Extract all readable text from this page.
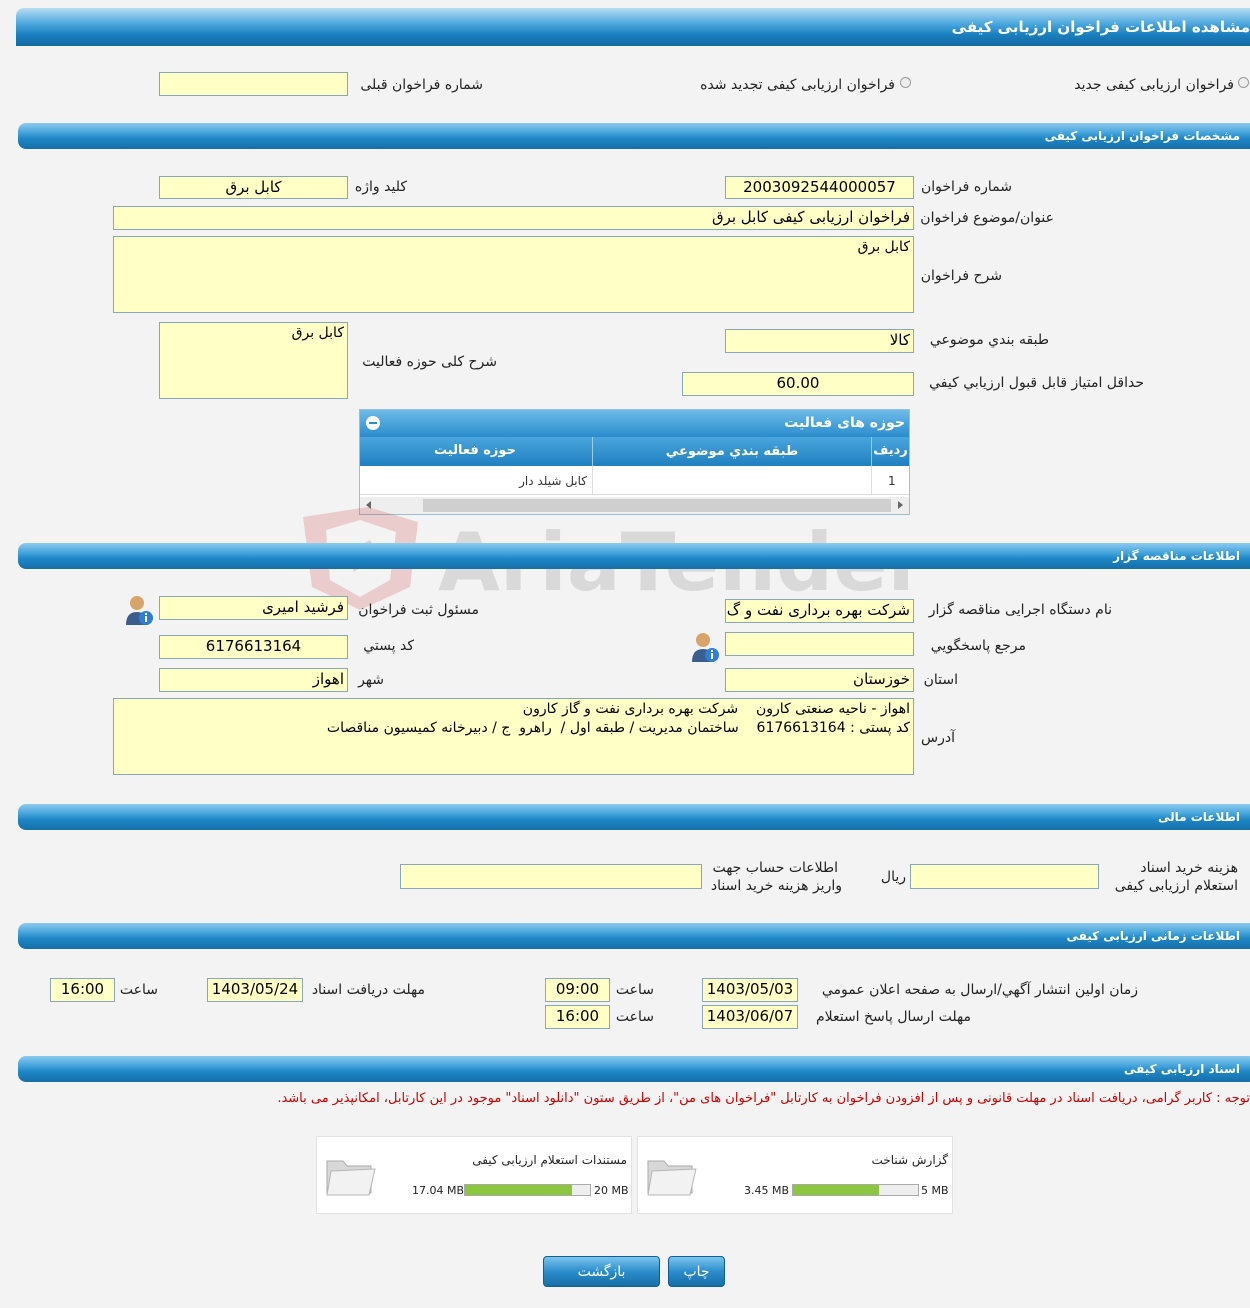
مشاهده اطلاعات فراخوان ارزیابی کیفی
فراخوان ارزیابی کیفی جدید
فراخوان ارزیابی کیفی تجدید شده
شماره فراخوان قبلی
مشخصات فراخوان ارزیابی کیفی
شماره فراخوان
2003092544000057
کلید واژه
کابل برق
عنوان/موضوع فراخوان
فراخوان ارزیابی کیفی کابل برق
شرح فراخوان
کابل برق
طبقه بندي موضوعي
کالا
شرح کلی حوزه فعالیت
کابل برق
حداقل امتياز قابل قبول ارزيابي کيفي
60.00
حوزه های فعالیت
رديف
طبقه بندي موضوعي
حوزه فعاليت
1
کابل شیلد دار
اطلاعات مناقصه گزار
نام دستگاه اجرایی مناقصه گزار
شرکت بهره برداری نفت و گ
مسئول ثبت فراخوان
فرشید امیری
مرجع پاسخگويي
کد پستي
6176613164
استان
خوزستان
شهر
اهواز
آدرس
اهواز - ناحیه صنعتی کارون    شرکت بهره برداری نفت و گاز کارون
کد پستی : 6176613164    ساختمان مدیریت / طبقه اول /  راهرو  ج / دبیرخانه کمیسیون مناقصات
اطلاعات مالی
هزینه خرید اسناد
استعلام ارزیابی کیفی
ریال
اطلاعات حساب جهت
واریز هزینه خرید اسناد
اطلاعات زمانی ارزیابی کیفی
زمان اولین انتشار آگهي/ارسال به صفحه اعلان عمومي
1403/05/03
ساعت
09:00
مهلت دریافت اسناد
1403/05/24
ساعت
16:00
مهلت ارسال پاسخ استعلام
1403/06/07
ساعت
16:00
اسناد ارزیابی کیفی
توجه : کاربر گرامی، دریافت اسناد در مهلت قانونی و پس از افزودن فراخوان به کارتابل "فراخوان های من"، از طریق ستون "دانلود اسناد" موجود در این کارتابل، امکانپذیر می باشد.
گزارش شناخت
3.45 MB	5 MB
مستندات استعلام ارزیابی کیفی
17.04 MB	20 MB
چاپ
بازگشت
